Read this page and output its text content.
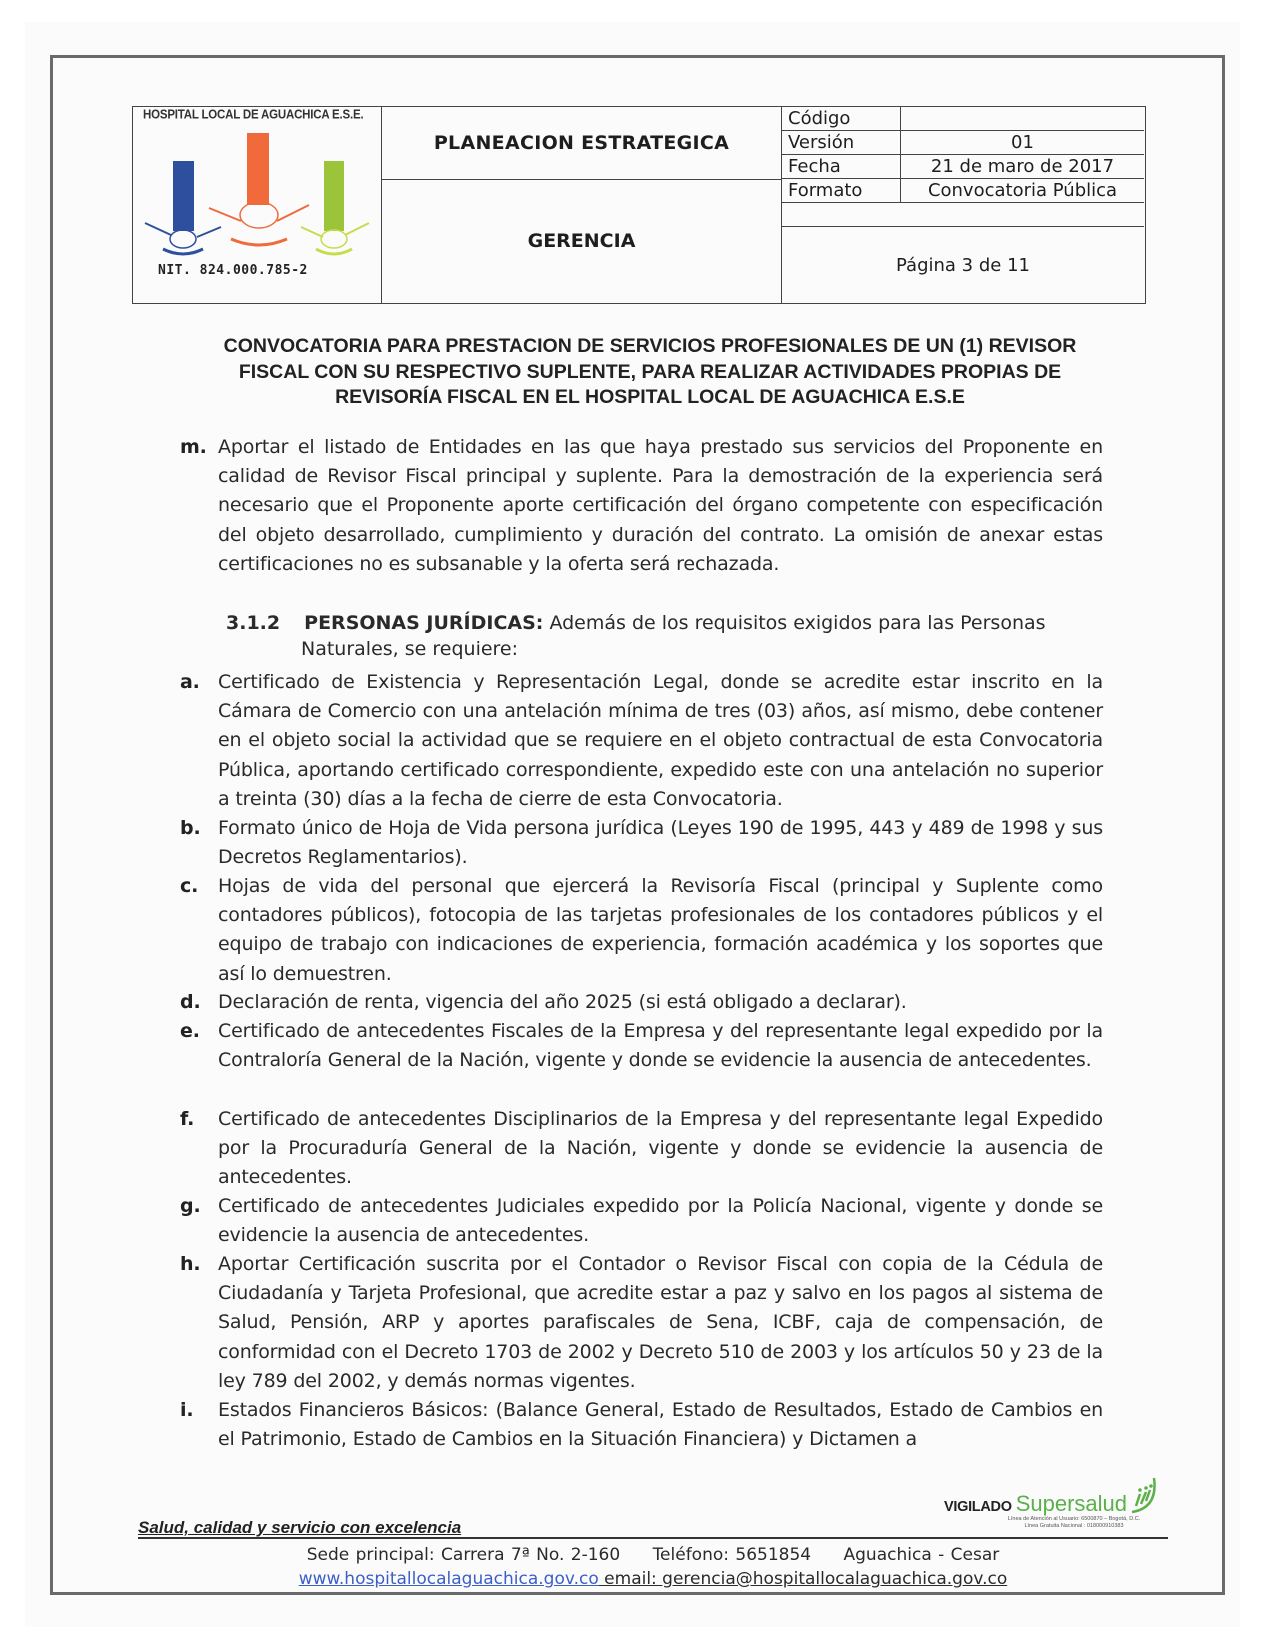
HOSPITAL LOCAL DE AGUACHICA E.S.E.
NIT. 824.000.785-2
PLANEACION ESTRATEGICA
GERENCIA
Código
Versión	01
Fecha	21 de maro de 2017
Formato	Convocatoria Pública
Página 3 de 11
CONVOCATORIA PARA PRESTACION DE SERVICIOS PROFESIONALES DE UN (1) REVISOR
FISCAL CON SU RESPECTIVO SUPLENTE, PARA REALIZAR ACTIVIDADES PROPIAS DE
REVISORÍA FISCAL EN EL HOSPITAL LOCAL DE AGUACHICA E.S.E
m. Aportar el listado de Entidades en las que haya prestado sus servicios del Proponente en calidad de Revisor Fiscal principal y suplente. Para la demostración de la experiencia será necesario que el Proponente aporte certificación del órgano competente con especificación del objeto desarrollado, cumplimiento y duración del contrato. La omisión de anexar estas certificaciones no es subsanable y la oferta será rechazada.
3.1.2 PERSONAS JURÍDICAS: Además de los requisitos exigidos para las Personas
Naturales, se requiere:
a. Certificado de Existencia y Representación Legal, donde se acredite estar inscrito en la Cámara de Comercio con una antelación mínima de tres (03) años, así mismo, debe contener en el objeto social la actividad que se requiere en el objeto contractual de esta Convocatoria Pública, aportando certificado correspondiente, expedido este con una antelación no superior a treinta (30) días a la fecha de cierre de esta Convocatoria.
b. Formato único de Hoja de Vida persona jurídica (Leyes 190 de 1995, 443 y 489 de 1998 y sus Decretos Reglamentarios).
c. Hojas de vida del personal que ejercerá la Revisoría Fiscal (principal y Suplente como contadores públicos), fotocopia de las tarjetas profesionales de los contadores públicos y el equipo de trabajo con indicaciones de experiencia, formación académica y los soportes que así lo demuestren.
d. Declaración de renta, vigencia del año 2025 (si está obligado a declarar).
e. Certificado de antecedentes Fiscales de la Empresa y del representante legal expedido por la Contraloría General de la Nación, vigente y donde se evidencie la ausencia de antecedentes.
f. Certificado de antecedentes Disciplinarios de la Empresa y del representante legal Expedido por la Procuraduría General de la Nación, vigente y donde se evidencie la ausencia de antecedentes.
g. Certificado de antecedentes Judiciales expedido por la Policía Nacional, vigente y donde se evidencie la ausencia de antecedentes.
h. Aportar Certificación suscrita por el Contador o Revisor Fiscal con copia de la Cédula de Ciudadanía y Tarjeta Profesional, que acredite estar a paz y salvo en los pagos al sistema de Salud, Pensión, ARP y aportes parafiscales de Sena, ICBF, caja de compensación, de conformidad con el Decreto 1703 de 2002 y Decreto 510 de 2003 y los artículos 50 y 23 de la ley 789 del 2002, y demás normas vigentes.
i. Estados Financieros Básicos: (Balance General, Estado de Resultados, Estado de Cambios en el Patrimonio, Estado de Cambios en la Situación Financiera) y Dictamen a
VIGILADO Supersalud
Línea de Atención al Usuario: 6500870 – Bogotá, D.C.
Línea Gratuita Nacional : 018000910383
Salud, calidad y servicio con excelencia
Sede principal: Carrera 7ª No. 2-160 Teléfono: 5651854 Aguachica - Cesar
www.hospitallocalaguachica.gov.co email: gerencia@hospitallocalaguachica.gov.co
